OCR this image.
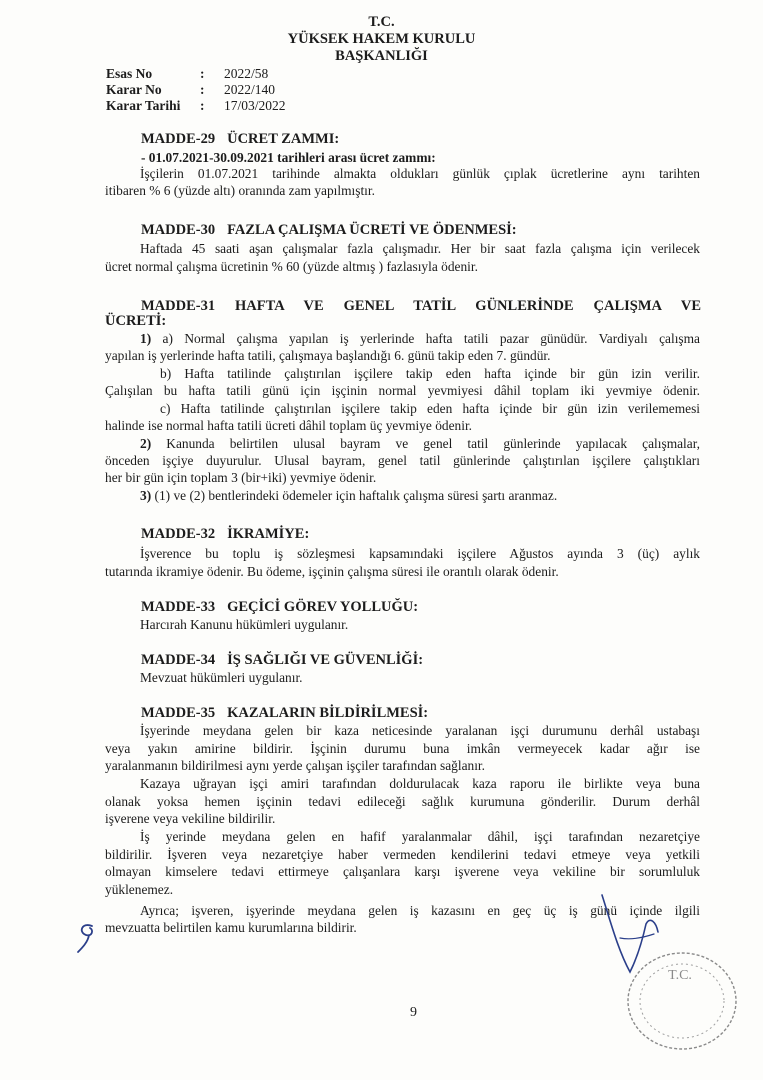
T.C.
YÜKSEK HAKEM KURULU
BAŞKANLIĞI
Esas No	: 2022/58
Karar No	: 2022/140
Karar Tarihi : 17/03/2022
MADDE-29 ÜCRET ZAMMI:
- 01.07.2021-30.09.2021 tarihleri arası ücret zammı:
İşçilerin 01.07.2021 tarihinde almakta oldukları günlük çıplak ücretlerine aynı tarihten
itibaren % 6 (yüzde altı) oranında zam yapılmıştır.
MADDE-30 FAZLA ÇALIŞMA ÜCRETİ VE ÖDENMESİ:
Haftada 45 saati aşan çalışmalar fazla çalışmadır. Her bir saat fazla çalışma için verilecek
ücret normal çalışma ücretinin % 60 (yüzde altmış ) fazlasıyla ödenir.
MADDE-31 HAFTA VE GENEL TATİL GÜNLERİNDE ÇALIŞMA VE
ÜCRETİ:
1) a) Normal çalışma yapılan iş yerlerinde hafta tatili pazar günüdür. Vardiyalı çalışma
yapılan iş yerlerinde hafta tatili, çalışmaya başlandığı 6. günü takip eden 7. gündür.
b) Hafta tatilinde çalıştırılan işçilere takip eden hafta içinde bir gün izin verilir.
Çalışılan bu hafta tatili günü için işçinin normal yevmiyesi dâhil toplam iki yevmiye ödenir.
c) Hafta tatilinde çalıştırılan işçilere takip eden hafta içinde bir gün izin verilememesi
halinde ise normal hafta tatili ücreti dâhil toplam üç yevmiye ödenir.
2) Kanunda belirtilen ulusal bayram ve genel tatil günlerinde yapılacak çalışmalar,
önceden işçiye duyurulur. Ulusal bayram, genel tatil günlerinde çalıştırılan işçilere çalıştıkları
her bir gün için toplam 3 (bir+iki) yevmiye ödenir.
3) (1) ve (2) bentlerindeki ödemeler için haftalık çalışma süresi şartı aranmaz.
MADDE-32 İKRAMİYE:
İşverence bu toplu iş sözleşmesi kapsamındaki işçilere Ağustos ayında 3 (üç) aylık
tutarında ikramiye ödenir. Bu ödeme, işçinin çalışma süresi ile orantılı olarak ödenir.
MADDE-33 GEÇİCİ GÖREV YOLLUĞU:
Harcırah Kanunu hükümleri uygulanır.
MADDE-34 İŞ SAĞLIĞI VE GÜVENLİĞİ:
Mevzuat hükümleri uygulanır.
MADDE-35 KAZALARIN BİLDİRİLMESİ:
İşyerinde meydana gelen bir kaza neticesinde yaralanan işçi durumunu derhâl ustabaşı
veya yakın amirine bildirir. İşçinin durumu buna imkân vermeyecek kadar ağır ise
yaralanmanın bildirilmesi aynı yerde çalışan işçiler tarafından sağlanır.
Kazaya uğrayan işçi amiri tarafından doldurulacak kaza raporu ile birlikte veya buna
olanak yoksa hemen işçinin tedavi edileceği sağlık kurumuna gönderilir. Durum derhâl
işverene veya vekiline bildirilir.
İş yerinde meydana gelen en hafif yaralanmalar dâhil, işçi tarafından nezaretçiye
bildirilir. İşveren veya nezaretçiye haber vermeden kendilerini tedavi etmeye veya yetkili
olmayan kimselere tedavi ettirmeye çalışanlara karşı işverene veya vekiline bir sorumluluk
yüklenemez.
Ayrıca; işveren, işyerinde meydana gelen iş kazasını en geç üç iş günü içinde ilgili
mevzuatta belirtilen kamu kurumlarına bildirir.
9
T.C.
